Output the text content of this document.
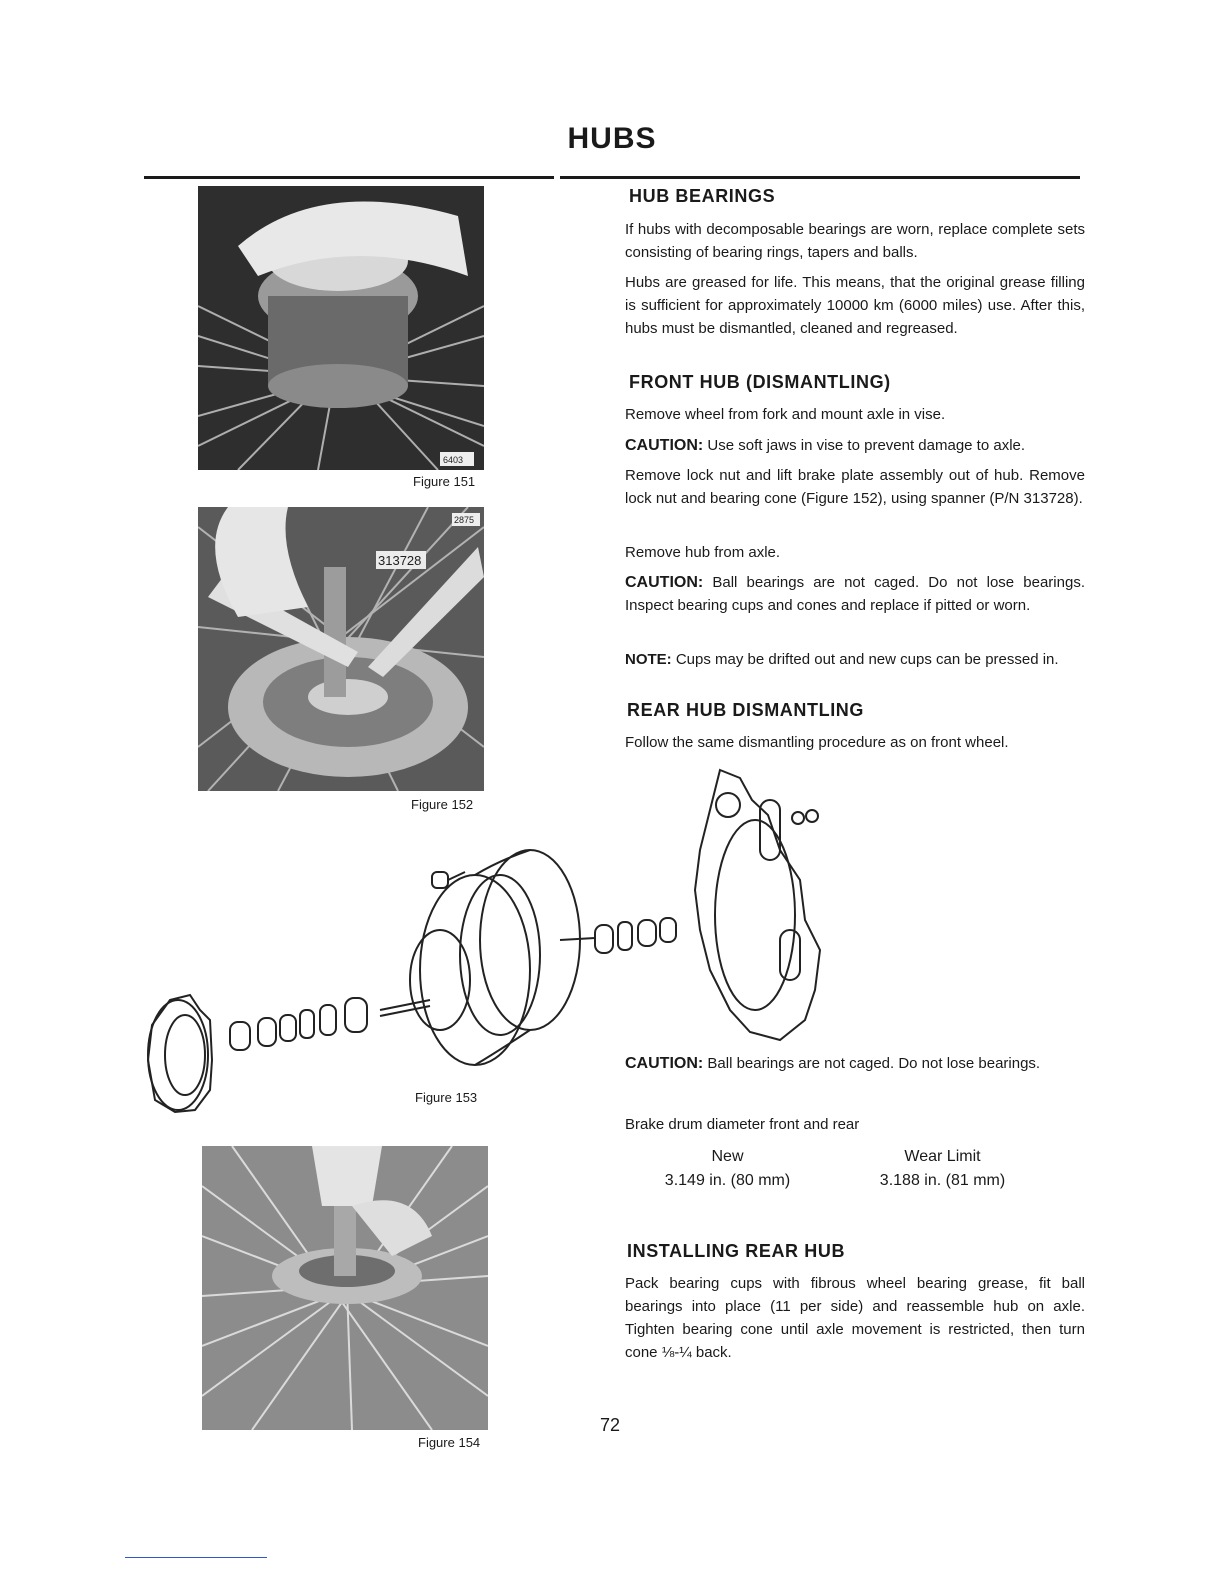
HUBS
6403
Figure 151
313728
2875
Figure 152
Figure 153
Figure 154
HUB BEARINGS
If hubs with decomposable bearings are worn, replace complete sets consisting of bearing rings, tapers and balls.
Hubs are greased for life. This means, that the original grease filling is sufficient for approximately 10000 km (6000 miles) use. After this, hubs must be dismantled, cleaned and regreased.
FRONT HUB (DISMANTLING)
Remove wheel from fork and mount axle in vise.
CAUTION: Use soft jaws in vise to prevent damage to axle.
Remove lock nut and lift brake plate assembly out of hub. Remove lock nut and bearing cone (Figure 152), using spanner (P/N 313728).
Remove hub from axle.
CAUTION: Ball bearings are not caged. Do not lose bearings. Inspect bearing cups and cones and replace if pitted or worn.
NOTE: Cups may be drifted out and new cups can be pressed in.
REAR HUB DISMANTLING
Follow the same dismantling procedure as on front wheel.
CAUTION: Ball bearings are not caged. Do not lose bearings.
Brake drum diameter front and rear
New	Wear Limit
3.149 in. (80 mm)	3.188 in. (81 mm)
INSTALLING REAR HUB
Pack bearing cups with fibrous wheel bearing grease, fit ball bearings into place (11 per side) and reassemble hub on axle. Tighten bearing cone until axle movement is restricted, then turn cone ⅛-¼ back.
72
